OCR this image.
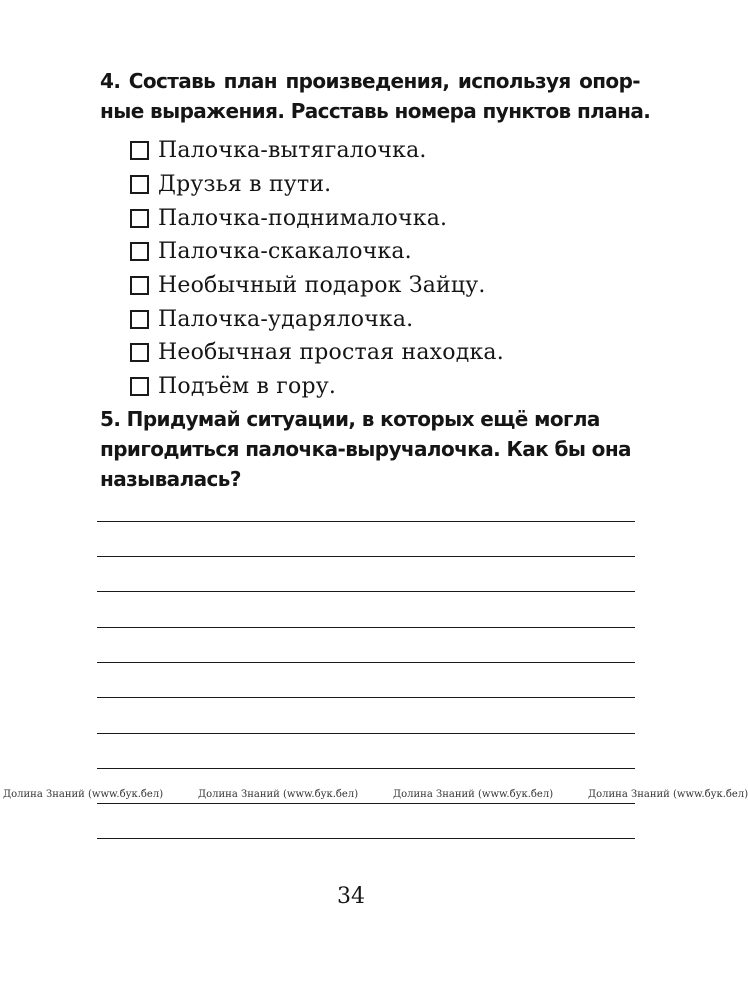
4. Составь план произведения, используя опор-
ные выражения. Расставь номера пунктов плана.
Палочка-вытягалочка.
Друзья в пути.
Палочка-поднималочка.
Палочка-скакалочка.
Необычный подарок Зайцу.
Палочка-ударялочка.
Необычная простая находка.
Подъём в гору.
5. Придумай ситуации, в которых ещё могла
пригодиться палочка-выручалочка. Как бы она
называлась?
Долина Знаний (www.бук.бел)	Долина Знаний (www.бук.бел)	Долина Знаний (www.бук.бел)	Долина Знаний (www.бук.бел)
34
